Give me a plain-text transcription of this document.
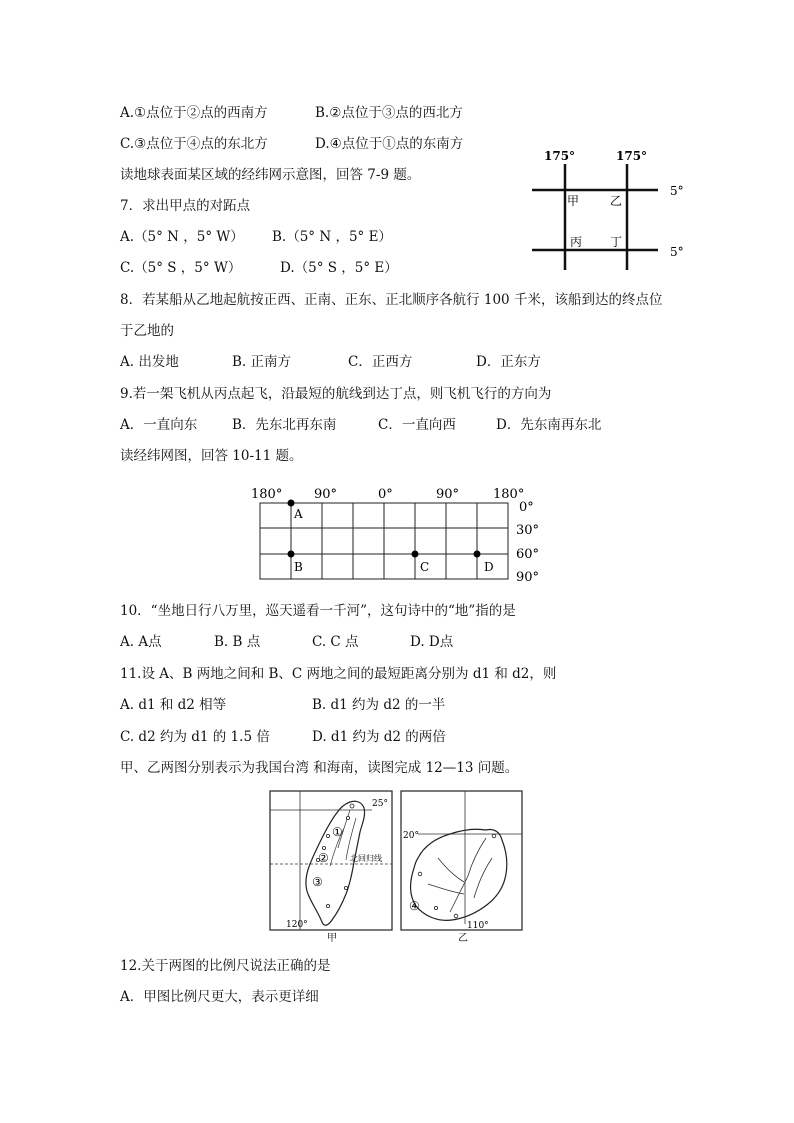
A.①点位于②点的西南方	B.②点位于③点的西北方
C.③点位于④点的东北方	D.④点位于①点的东南方
读地球表面某区域的经纬网示意图，回答 7-9 题。
175°	175°
5°
5°
甲	乙
丙 丁
7．求出甲点的对跖点
A.（5° N ，5° W） B.（5° N ，5° E）
C.（5° S ，5° W）	D.（5° S ，5° E）
8．若某船从乙地起航按正西、正南、正东、正北顺序各航行 100 千米，该船到达的终点位
于乙地的
A. 出发地	B. 正南方	C．正西方	D．正东方
9.若一架飞机从丙点起飞，沿最短的航线到达丁点，则飞机飞行的方向为
A．一直向东	B．先东北再东南	C．一直向西	D．先东南再东北
读经纬网图，回答 10-11 题。
180° 90°	0°	90°	180°
0°
30°
60°
90°
A
B	C	D
10．“坐地日行八万里，巡天遥看一千河”，这句诗中的“地”指的是
A. A点	B. B 点	C. C 点	D. D点
11.设 A、B 两地之间和 B、C 两地之间的最短距离分别为 d1 和 d2，则
A. d1 和 d2 相等	B. d1 约为 d2 的一半
C. d2 约为 d1 的 1.5 倍	D. d1 约为 d2 的两倍
甲、乙两图分别表示为我国台湾 和海南，读图完成 12—13 问题。
25°
120°
北回归线
①
②
③
甲
20°
110°
④
乙
12.关于两图的比例尺说法正确的是
A．甲图比例尺更大，表示更详细
